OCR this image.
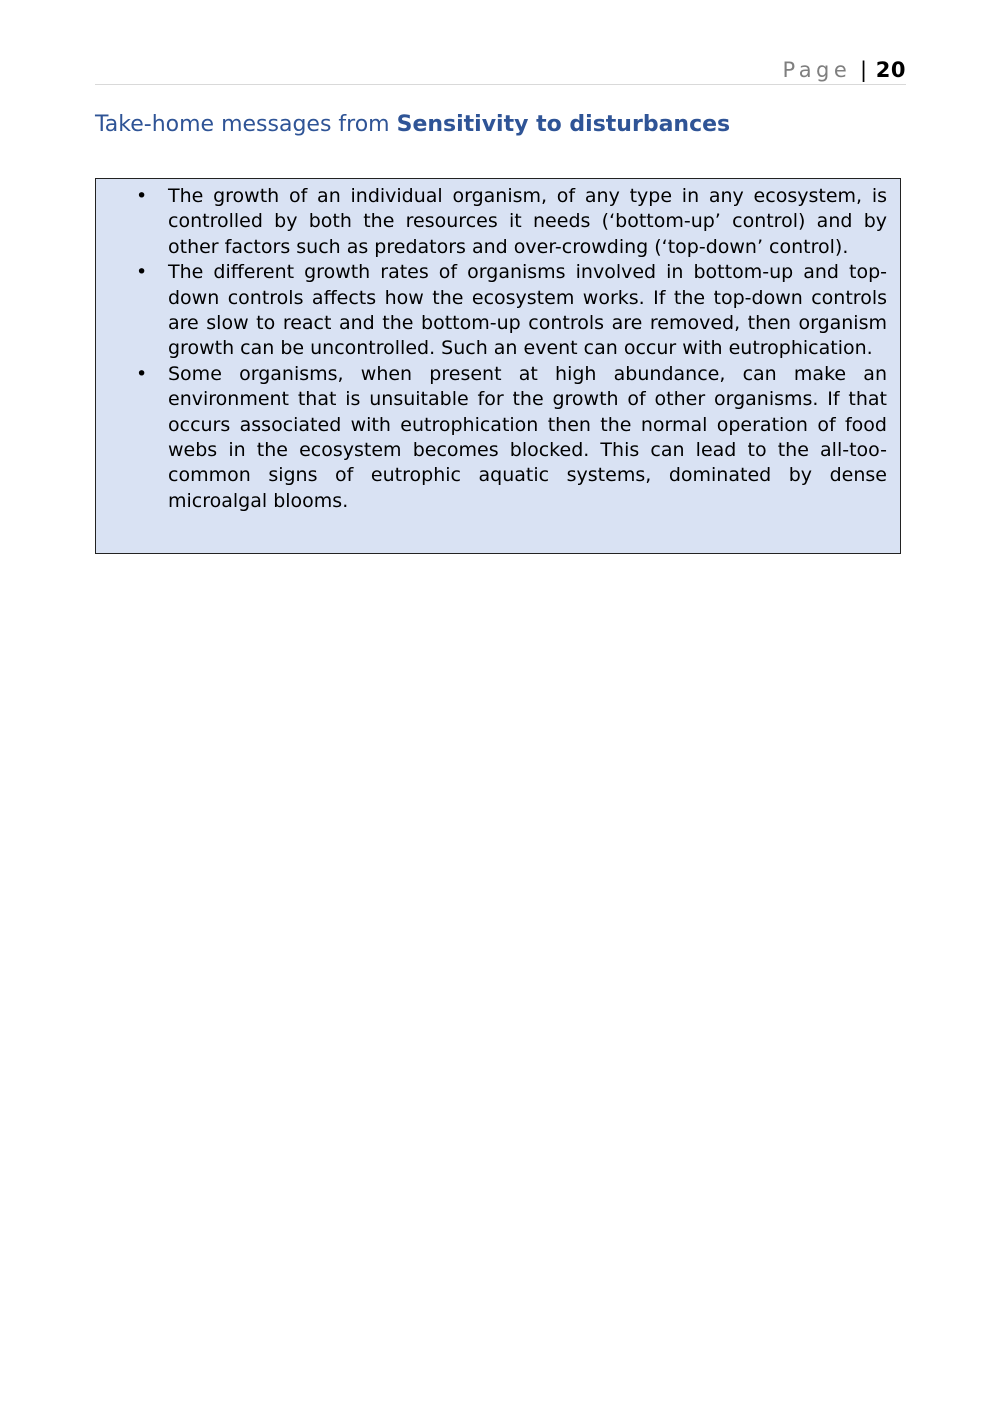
Page | 20
Take-home messages from Sensitivity to disturbances
• The growth of an individual organism, of any type in any ecosystem, is controlled by both the resources it needs (‘bottom-up’ control) and by other factors such as predators and over-crowding (‘top-down’ control).
• The different growth rates of organisms involved in bottom-up and top-down controls affects how the ecosystem works. If the top-down controls are slow to react and the bottom-up controls are removed, then organism growth can be uncontrolled. Such an event can occur with eutrophication.
• Some organisms, when present at high abundance, can make an environment that is unsuitable for the growth of other organisms. If that occurs associated with eutrophication then the normal operation of food webs in the ecosystem becomes blocked. This can lead to the all-too-common signs of eutrophic aquatic systems, dominated by dense microalgal blooms.
